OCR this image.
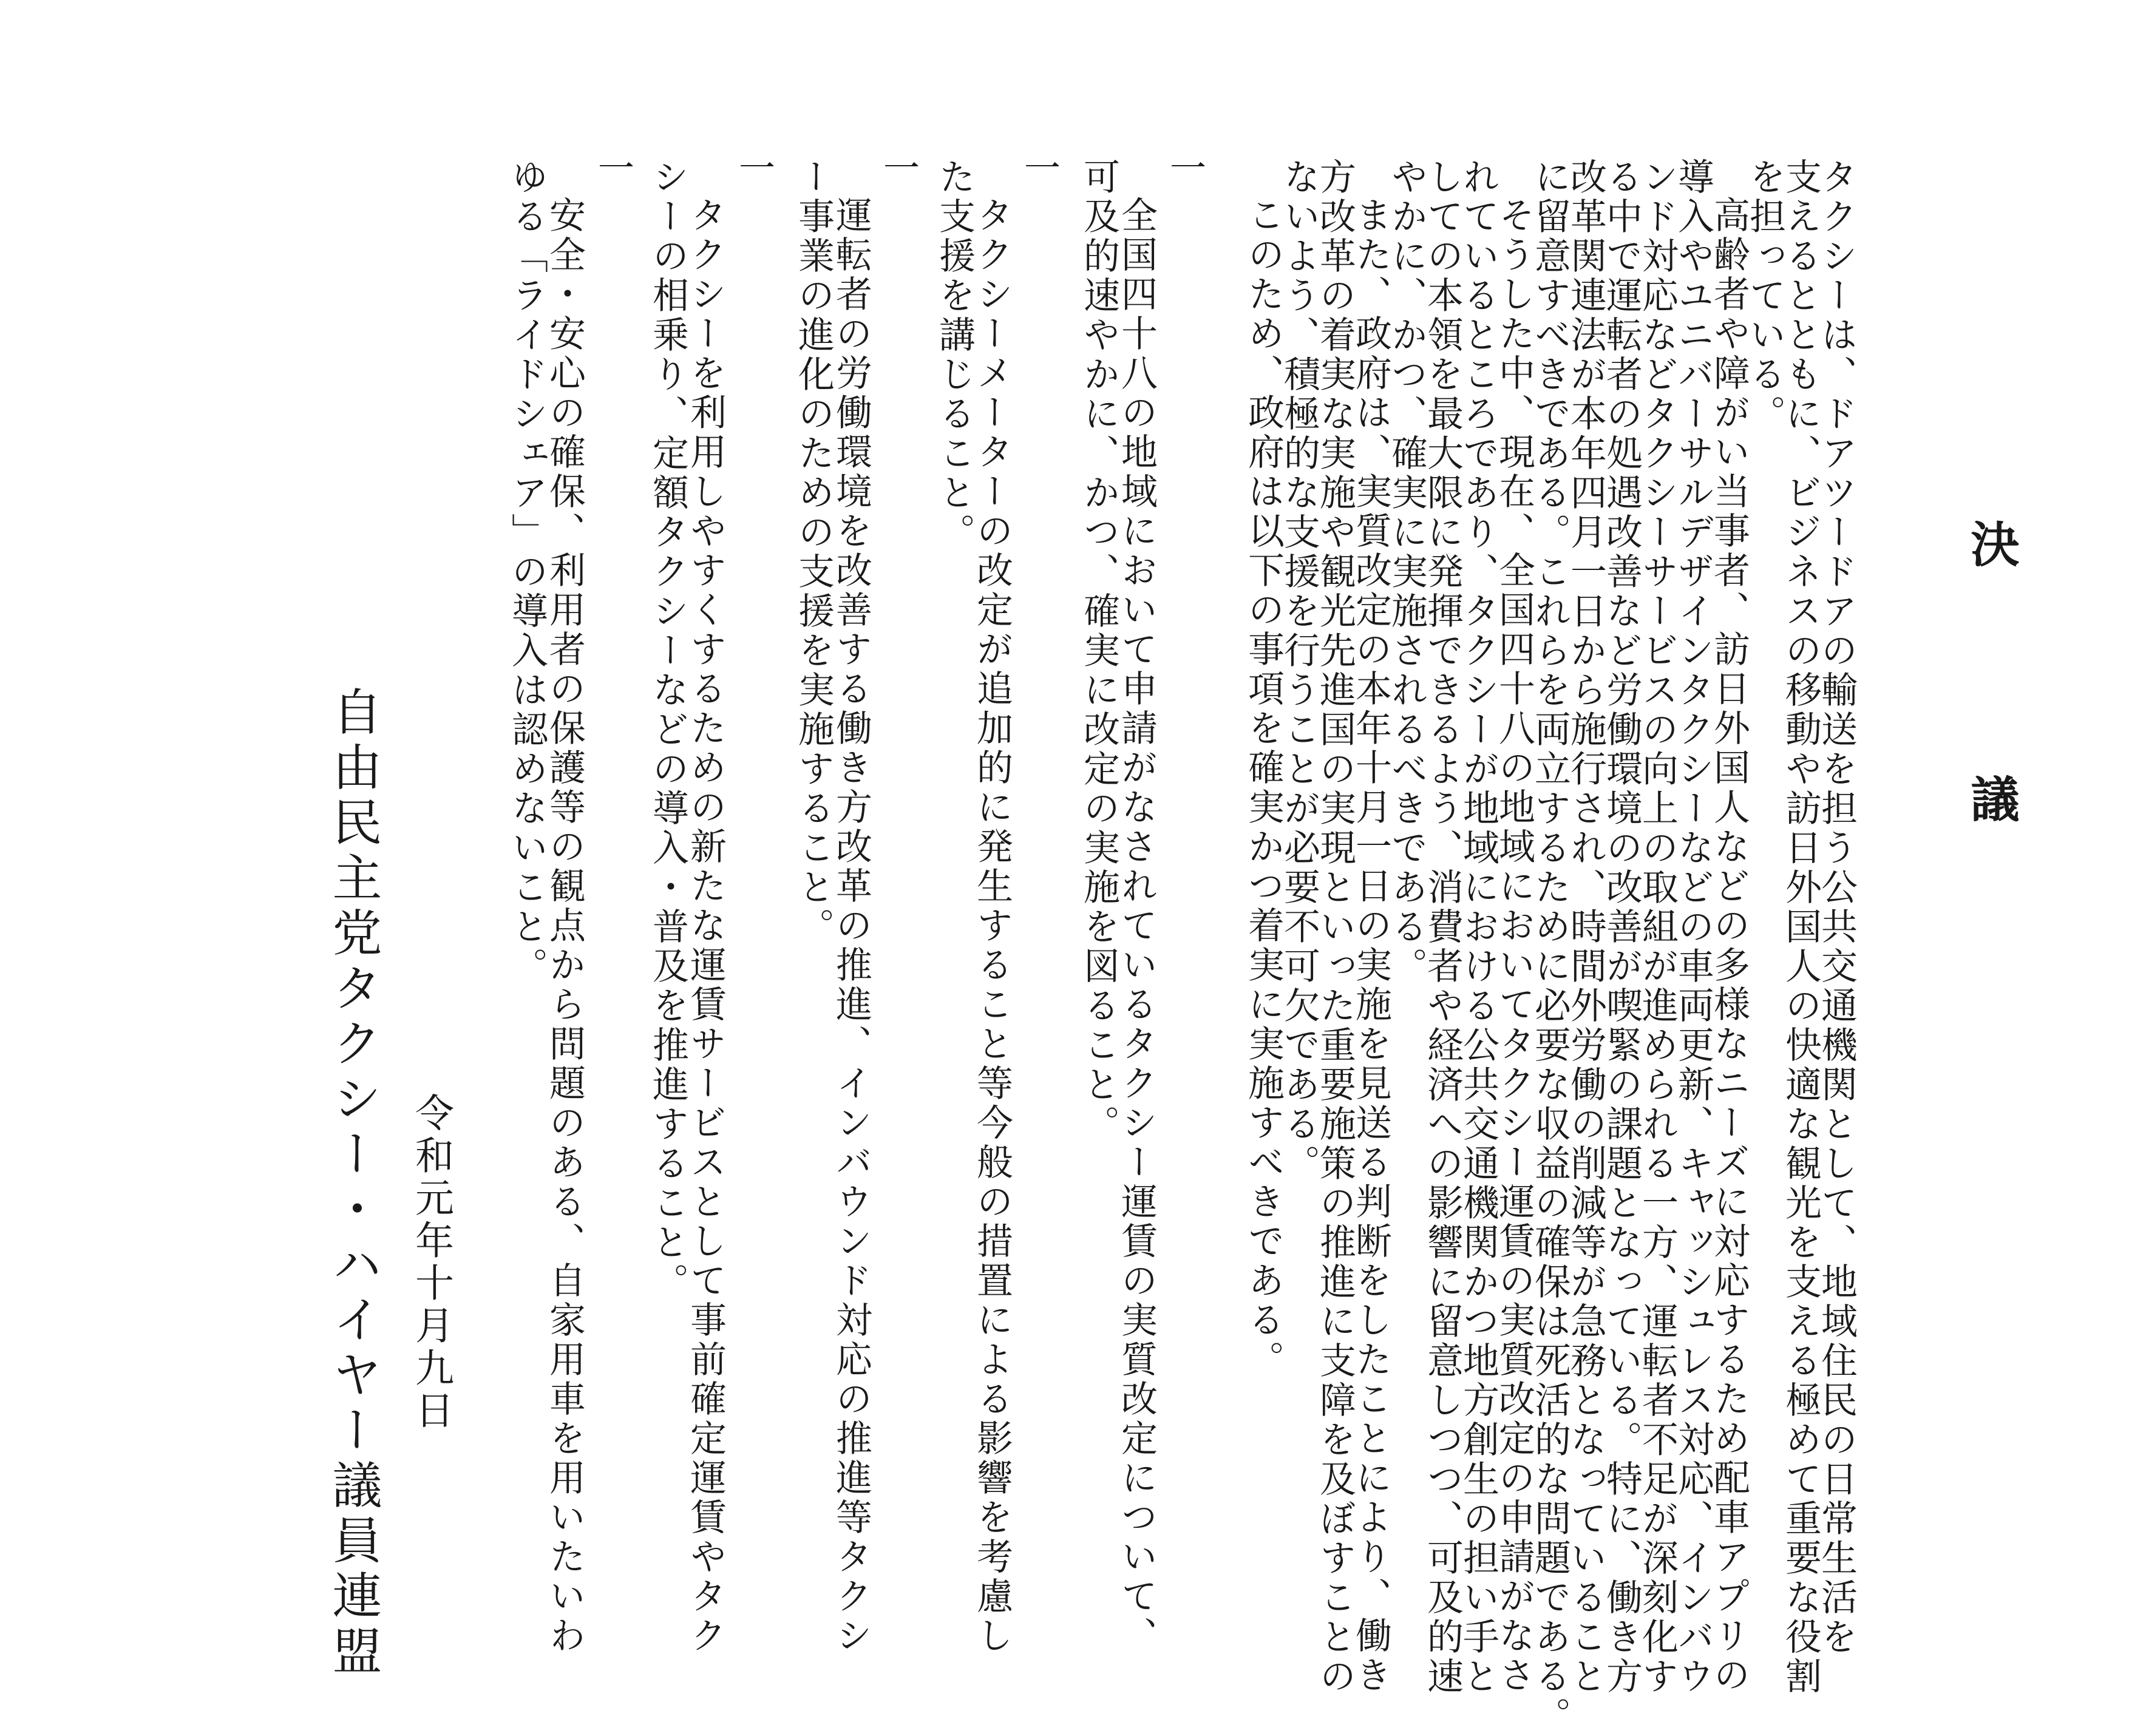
決　議
タクシーは、ドアツードアの輸送を担う公共交通機関として、地域住民の日常生活を
支えるとともに、ビジネスの移動や訪日外国人の快適な観光を支える極めて重要な役割
を担っている。
高齢者や障がい当事者、訪日外国人などの多様なニーズに対応するため配車アプリの
導入やユニバーサルデザインタクシーなどの車両更新、キャッシュレス対応、インバウ
ンド対応などタクシーサービスの向上の取組が進められる一方、運転者不足が深刻化す
る中で運転者の処遇改善など労働環境の改善が喫緊の課題となっている。特に、働き方
改革関連法が本年四月一日から施行され、時間外労働の削減等が急務となっていること
に留意すべきである。これらを両立するために必要な収益の確保は死活的な問題である。
そうした中、現在、全国四十八の地域においてタクシー運賃の実質改定の申請がなさ
れているところであり、タクシーが地域における公共交通機関かつ地方創生の担い手と
しての本領を最大限に発揮できるよう、消費者や経済への影響に留意しつつ、可及的速
やかに、かつ、確実に実施されるべきである。
また、政府は、実質改定の本年十月一日の実施を見送る判断をしたことにより、働き
方改革の着実な実施や観光先進国の実現といった重要施策の推進に支障を及ぼすことの
ないよう、積極的な支援を行うことが必要不可欠である。
このため、政府は以下の事項を確実かつ着実に実施すべきである。
一
全国四十八の地域において申請がなされているタクシー運賃の実質改定について、
可及的速やかに、かつ、確実に改定の実施を図ること。
一
タクシーメーターの改定が追加的に発生すること等今般の措置による影響を考慮し
た支援を講じること。
一
運転者の労働環境を改善する働き方改革の推進、インバウンド対応の推進等タクシ
ー事業の進化のための支援を実施すること。
一
タクシーを利用しやすくするための新たな運賃サービスとして事前確定運賃やタク
シーの相乗り、定額タクシーなどの導入・普及を推進すること。
一
安全・安心の確保、利用者の保護等の観点から問題のある、自家用車を用いたいわ
ゆる「ライドシェア」の導入は認めないこと。
令和元年十月九日
自由民主党タクシー・ハイヤー議員連盟
